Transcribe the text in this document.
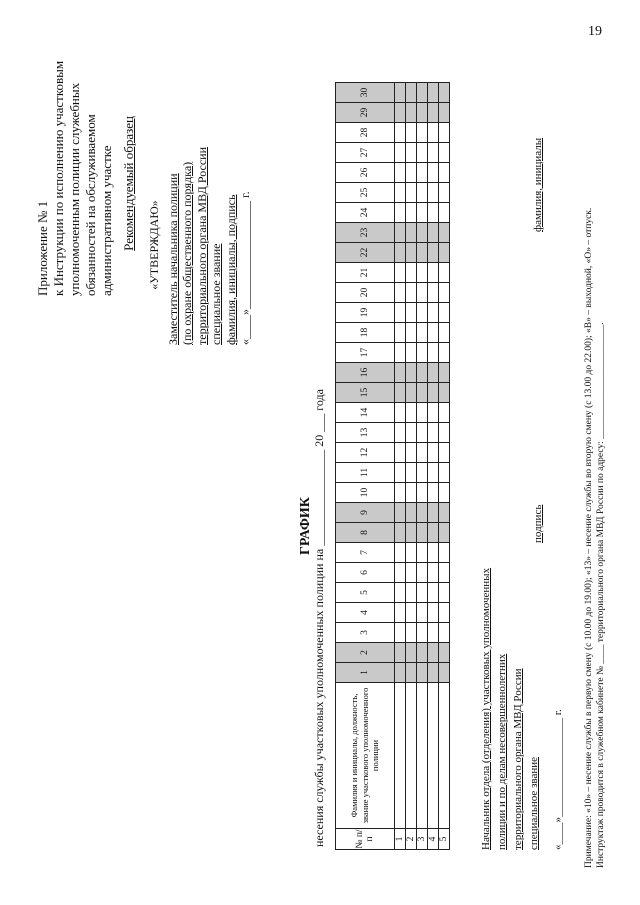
19
Приложение № 1 к Инструкции по исполнению участковым уполномоченным полиции служебных обязанностей на обслуживаемом административном участке Рекомендуемый образец «УТВЕРЖДАЮ» Заместитель начальника полиции (по охране общественного порядка) территориального органа МВД России специальное звание фамилия, инициалы, подпись «____»__________________ г.
ГРАФИК несения службы участковых уполномоченных полиции на ________________ 20 ___ года	№ п/п	Фамилия и инициалы, должность, звание участкового уполномоченного полиции	1	2	3	4	5	6	7	8	9	10	11	12	13	14	15	16	17	18	19	20	21	22	23	24	25	26	27	28	29	30
1																															
2																															
3																															
4																															
5																																Начальник отдела (отделения) участковых уполномоченных полиции и по делам несовершеннолетних территориального органа МВД России специальное звание «____»__________________ г.
подпись
фамилия, инициалы
Примечание: «10» – несение службы в первую смену (с 10.00 до 19.00); «13» – несение службы во вторую смену (с 13.00 до 22.00); «В» – выходной, «О» – отпуск. Инструктаж проводится в служебном кабинете № ____ территориального органа МВД России по адресу: ________________________.
